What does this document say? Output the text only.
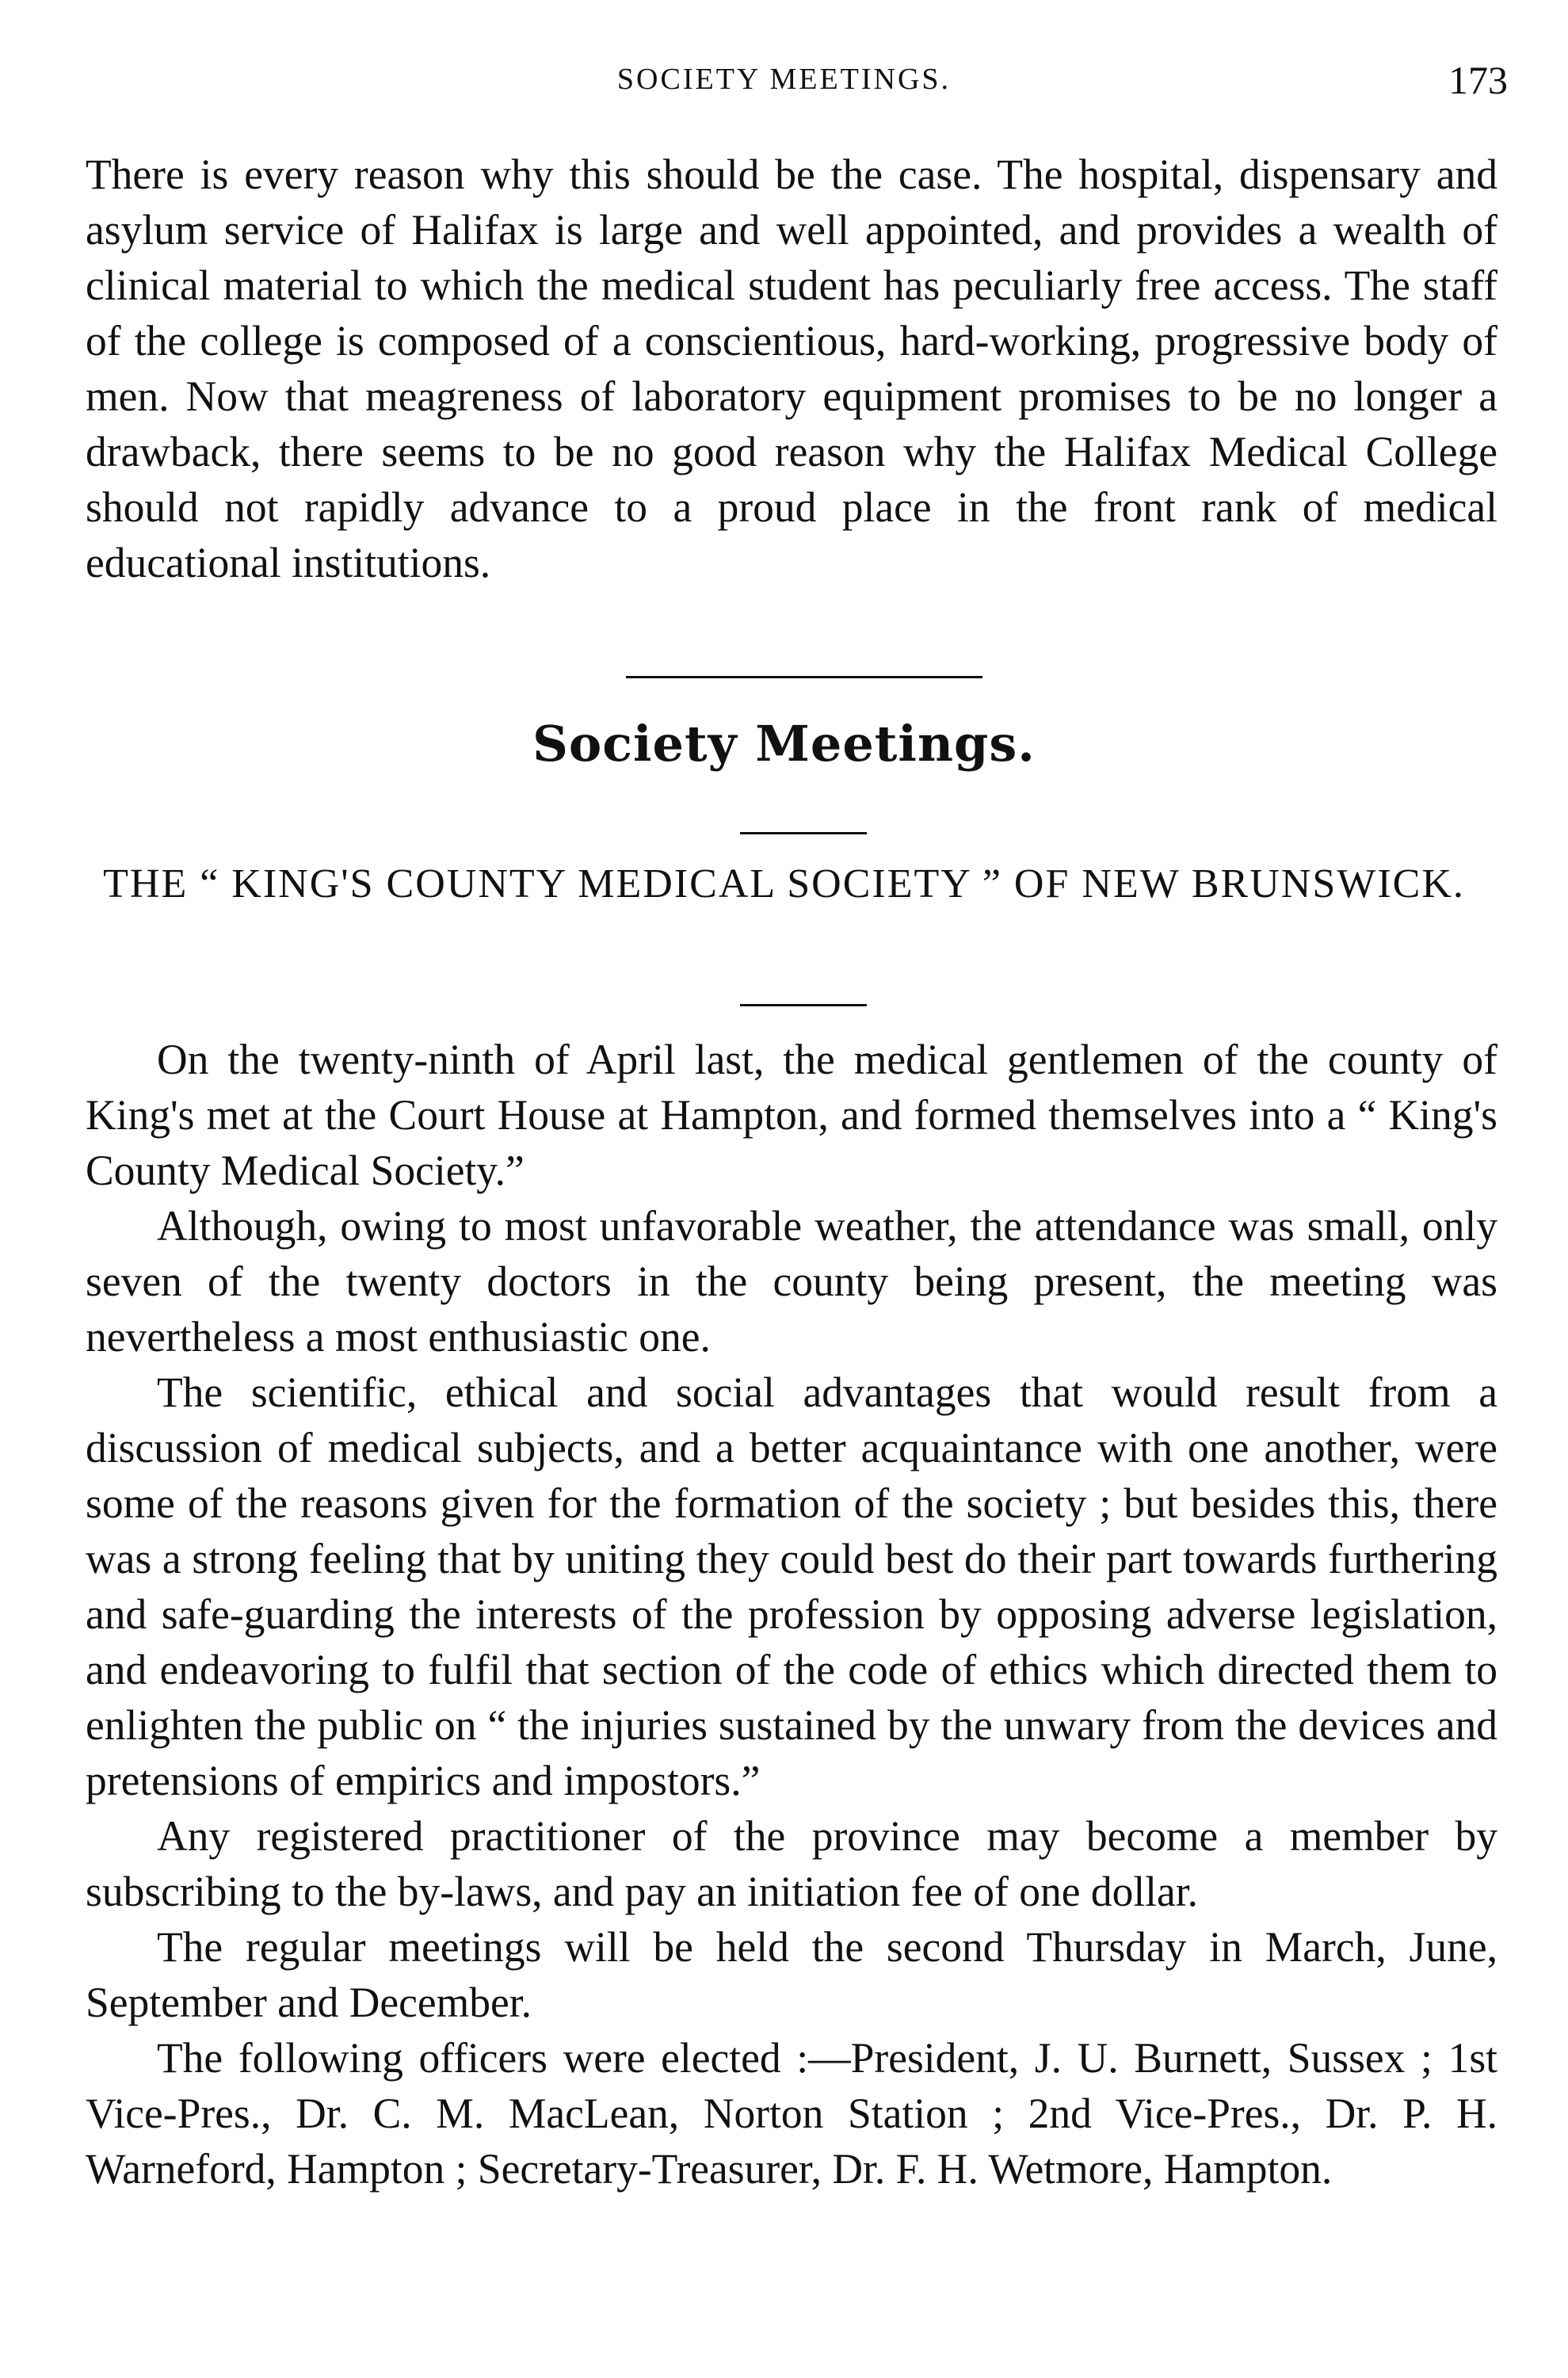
SOCIETY MEETINGS.	173

There is every reason why this should be the case. The hospital, dispensary and asylum service of Halifax is large and well appointed, and provides a wealth of clinical material to which the medical student has peculiarly free access. The staff of the college is composed of a conscientious, hard-working, progressive body of men. Now that meagreness of laboratory equipment promises to be no longer a drawback, there seems to be no good reason why the Halifax Medical College should not rapidly advance to a proud place in the front rank of medical educational institutions.

Society Meetings.
THE “ KING'S COUNTY MEDICAL SOCIETY ” OF NEW BRUNSWICK.

On the twenty-ninth of April last, the medical gentlemen of the county of King's met at the Court House at Hampton, and formed themselves into a “ King's County Medical Society.”

Although, owing to most unfavorable weather, the attendance was small, only seven of the twenty doctors in the county being present, the meeting was nevertheless a most enthusiastic one.

The scientific, ethical and social advantages that would result from a discussion of medical subjects, and a better acquaintance with one another, were some of the reasons given for the formation of the society ; but besides this, there was a strong feeling that by uniting they could best do their part towards furthering and safe-guarding the interests of the profession by opposing adverse legislation, and endeavoring to fulfil that section of the code of ethics which directed them to enlighten the public on “ the injuries sustained by the unwary from the devices and pretensions of empirics and impostors.”

Any registered practitioner of the province may become a member by subscribing to the by-laws, and pay an initiation fee of one dollar.

The regular meetings will be held the second Thursday in March, June, September and December.

The following officers were elected :—President, J. U. Burnett, Sussex ; 1st Vice-Pres., Dr. C. M. MacLean, Norton Station ; 2nd Vice-Pres., Dr. P. H. Warneford, Hampton ; Secretary-Treasurer, Dr. F. H. Wetmore, Hampton.
